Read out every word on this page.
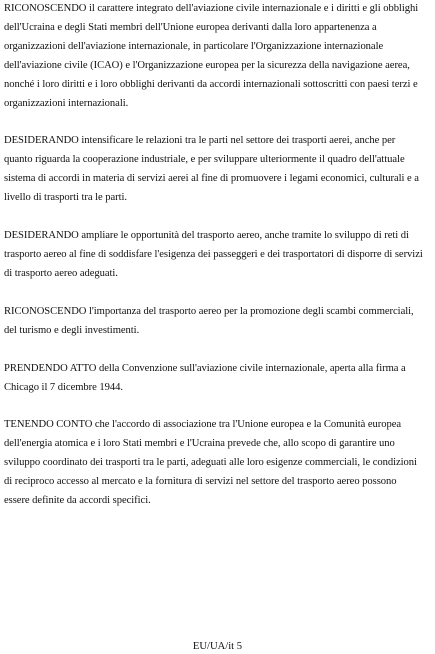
RICONOSCENDO il carattere integrato dell'aviazione civile internazionale e i diritti e gli obblighi
dell'Ucraina e degli Stati membri dell'Unione europea derivanti dalla loro appartenenza a
organizzazioni dell'aviazione internazionale, in particolare l'Organizzazione internazionale
dell'aviazione civile (ICAO) e l'Organizzazione europea per la sicurezza della navigazione aerea,
nonché i loro diritti e i loro obblighi derivanti da accordi internazionali sottoscritti con paesi terzi e
organizzazioni internazionali.

DESIDERANDO intensificare le relazioni tra le parti nel settore dei trasporti aerei, anche per
quanto riguarda la cooperazione industriale, e per sviluppare ulteriormente il quadro dell'attuale
sistema di accordi in materia di servizi aerei al fine di promuovere i legami economici, culturali e a
livello di trasporti tra le parti.

DESIDERANDO ampliare le opportunità del trasporto aereo, anche tramite lo sviluppo di reti di
trasporto aereo al fine di soddisfare l'esigenza dei passeggeri e dei trasportatori di disporre di servizi
di trasporto aereo adeguati.

RICONOSCENDO l'importanza del trasporto aereo per la promozione degli scambi commerciali,
del turismo e degli investimenti.

PRENDENDO ATTO della Convenzione sull'aviazione civile internazionale, aperta alla firma a
Chicago il 7 dicembre 1944.

TENENDO CONTO che l'accordo di associazione tra l'Unione europea e la Comunità europea
dell'energia atomica e i loro Stati membri e l'Ucraina prevede che, allo scopo di garantire uno
sviluppo coordinato dei trasporti tra le parti, adeguati alle loro esigenze commerciali, le condizioni
di reciproco accesso al mercato e la fornitura di servizi nel settore del trasporto aereo possono
essere definite da accordi specifici.

EU/UA/it 5
